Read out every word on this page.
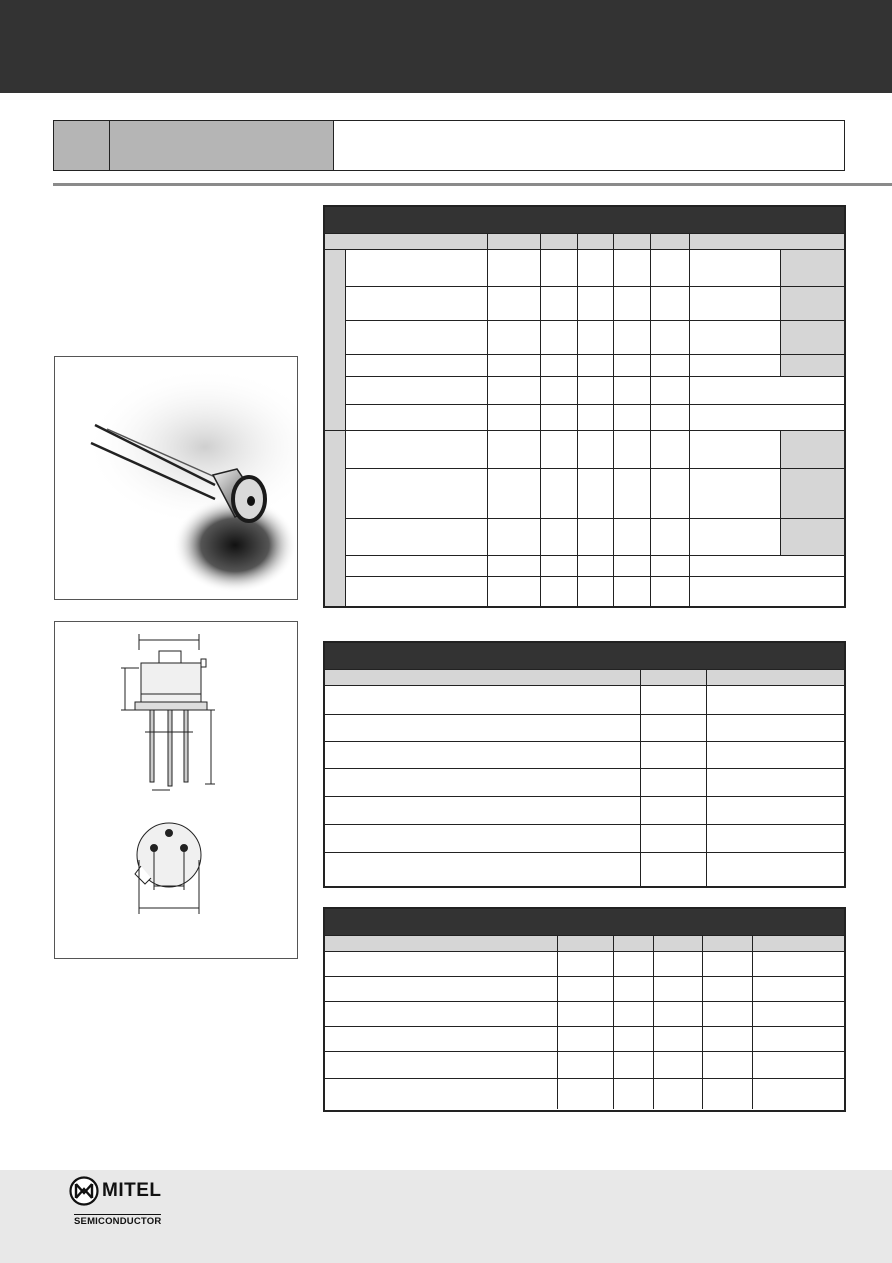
MITEL
SEMICONDUCTOR
